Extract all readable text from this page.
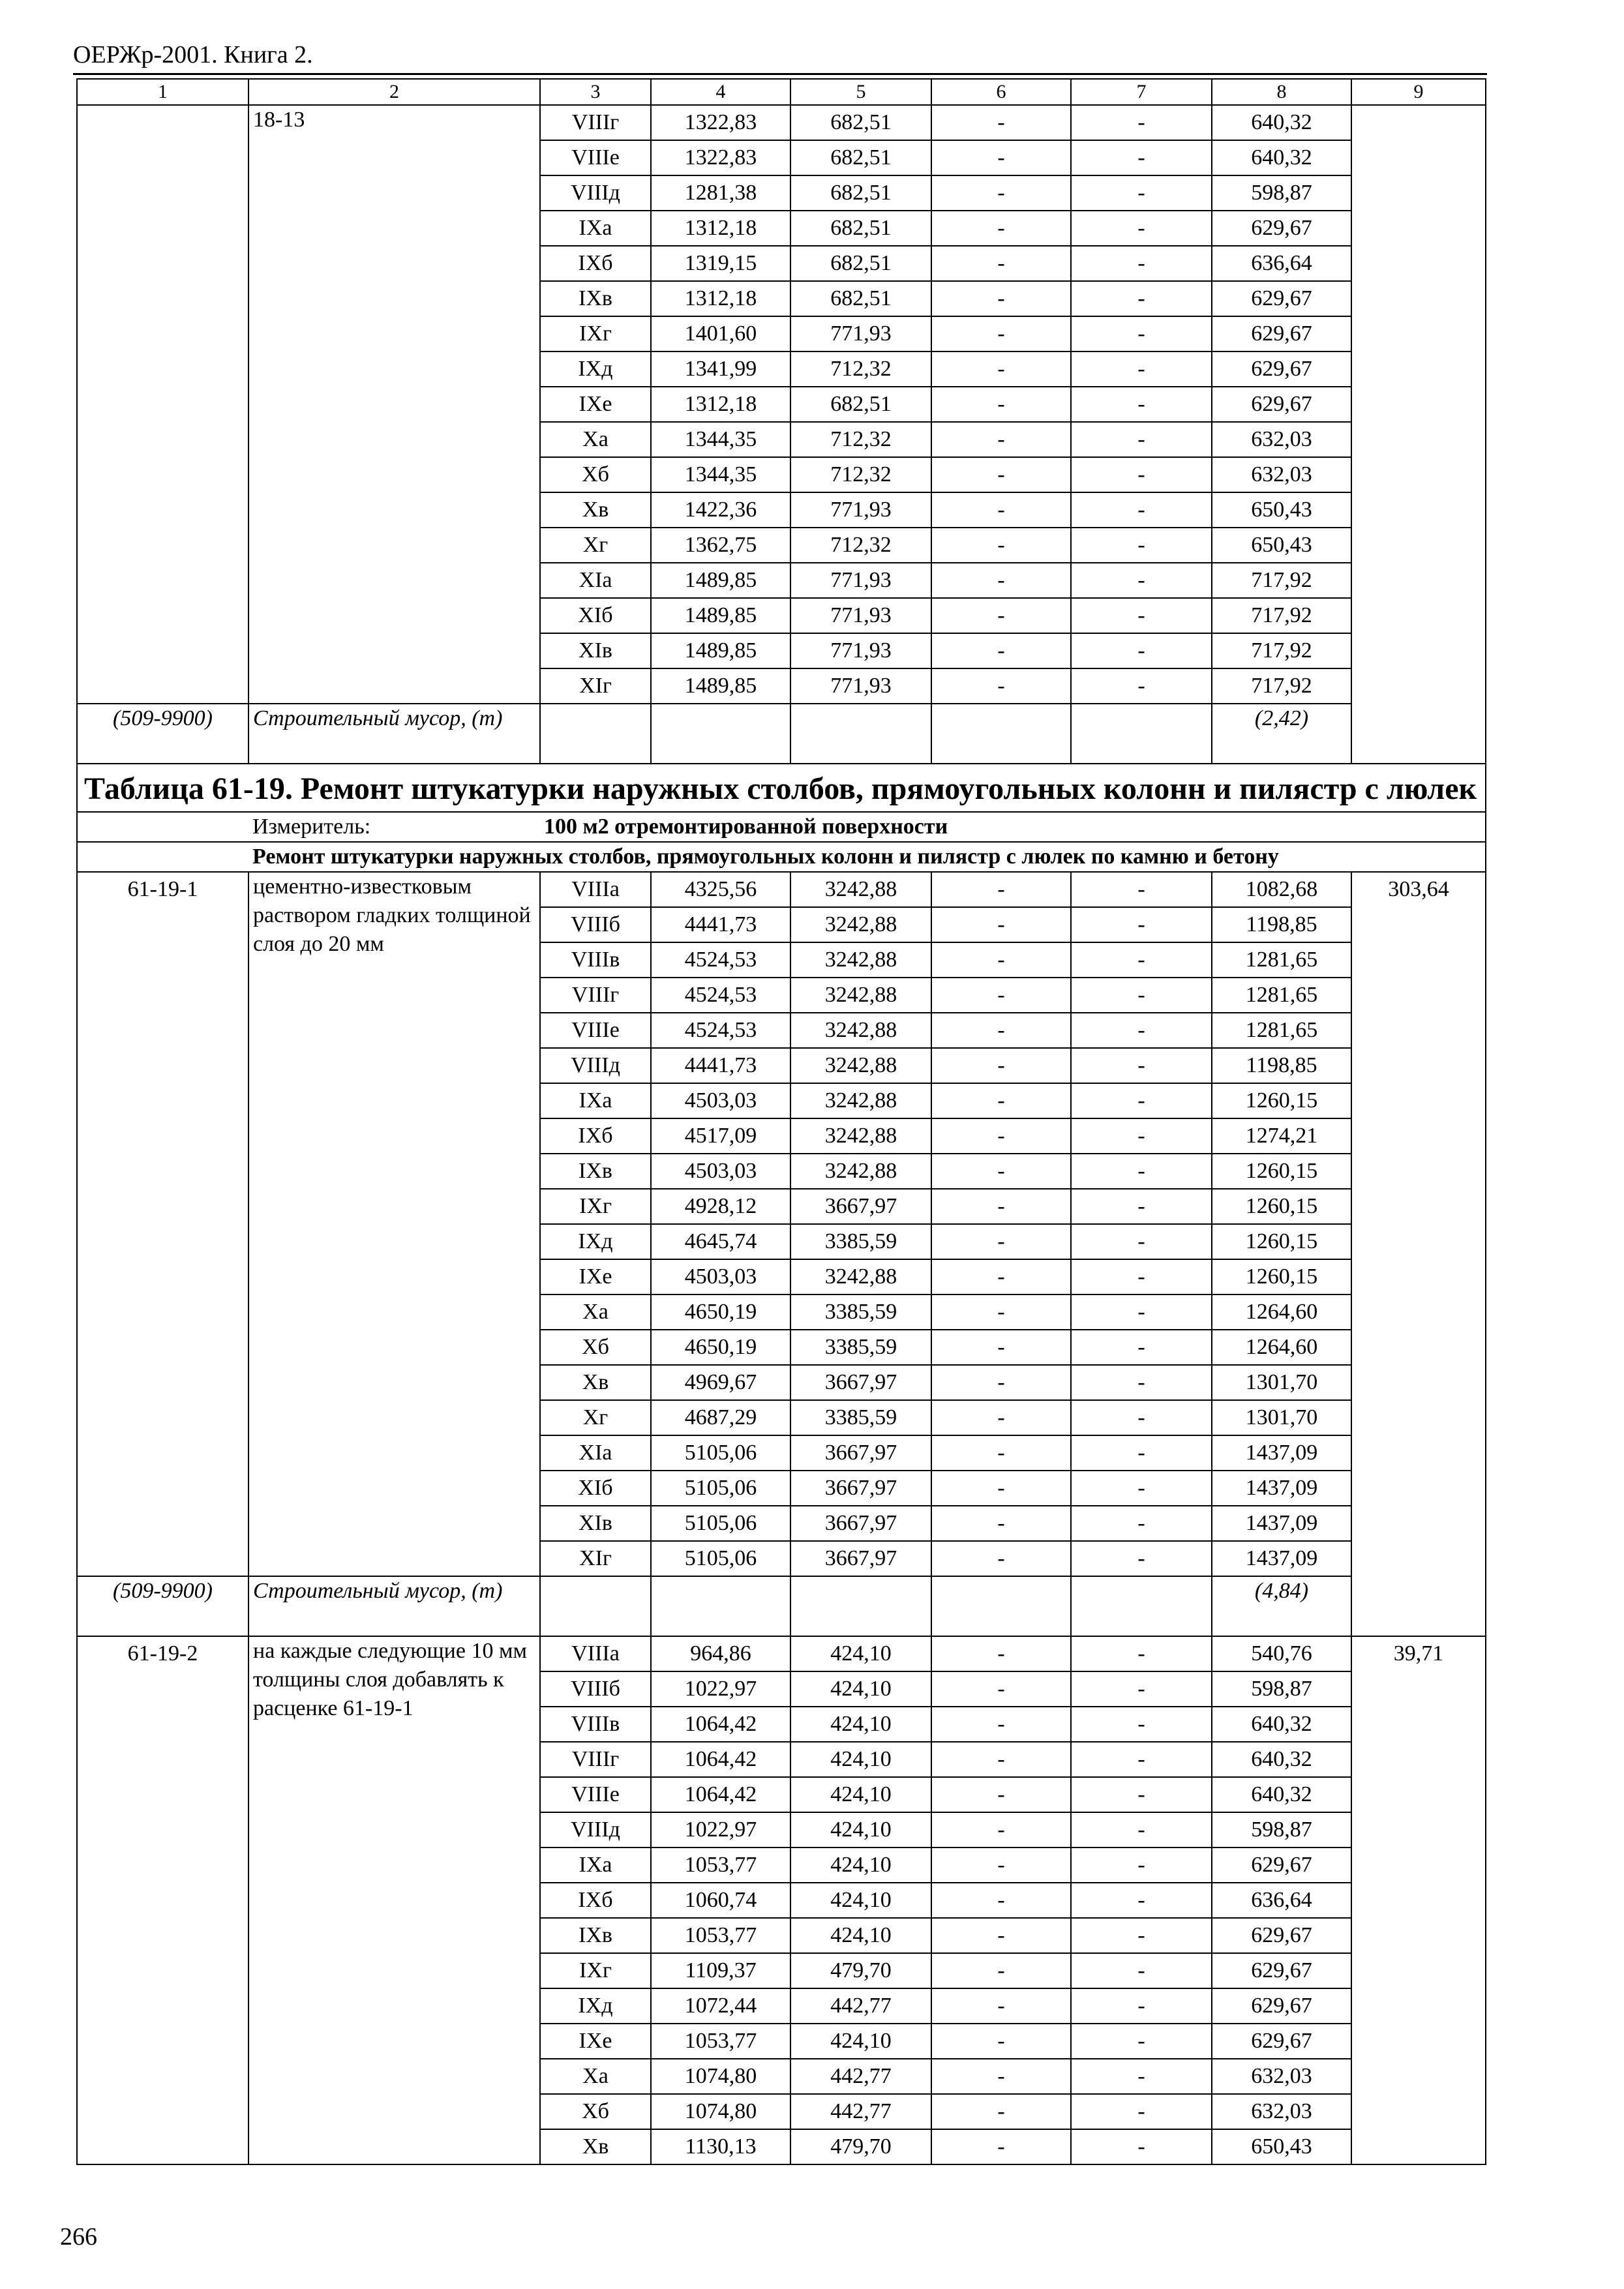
ОЕРЖр-2001. Книга 2.
1	2	3	4	5	6	7	8	9
	18-13	VIIIг	1322,83	682,51	-	-	640,32	
		VIIIе	1322,83	682,51	-	-	640,32	
		VIIIд	1281,38	682,51	-	-	598,87	
		IXа	1312,18	682,51	-	-	629,67	
		IXб	1319,15	682,51	-	-	636,64	
		IXв	1312,18	682,51	-	-	629,67	
		IXг	1401,60	771,93	-	-	629,67	
		IXд	1341,99	712,32	-	-	629,67	
		IXе	1312,18	682,51	-	-	629,67	
		Xа	1344,35	712,32	-	-	632,03	
		Xб	1344,35	712,32	-	-	632,03	
		Xв	1422,36	771,93	-	-	650,43	
		Xг	1362,75	712,32	-	-	650,43	
		XIа	1489,85	771,93	-	-	717,92	
		XIб	1489,85	771,93	-	-	717,92	
		XIв	1489,85	771,93	-	-	717,92	
		XIг	1489,85	771,93	-	-	717,92	
(509-9900)	Строительный мусор, (т)						(2,42)	
Таблица 61-19. Ремонт штукатурки наружных столбов, прямоугольных колонн и пилястр с люлек								
	Измеритель:	100 м2 отремонтированной поверхности						
	Ремонт штукатурки наружных столбов, прямоугольных колонн и пилястр с люлек по камню и бетону							
61-19-1	цементно-известковым раствором гладких толщиной слоя до 20 мм	VIIIа	4325,56	3242,88	-	-	1082,68	303,64
		VIIIб	4441,73	3242,88	-	-	1198,85	
		VIIIв	4524,53	3242,88	-	-	1281,65	
		VIIIг	4524,53	3242,88	-	-	1281,65	
		VIIIе	4524,53	3242,88	-	-	1281,65	
		VIIIд	4441,73	3242,88	-	-	1198,85	
		IXа	4503,03	3242,88	-	-	1260,15	
		IXб	4517,09	3242,88	-	-	1274,21	
		IXв	4503,03	3242,88	-	-	1260,15	
		IXг	4928,12	3667,97	-	-	1260,15	
		IXд	4645,74	3385,59	-	-	1260,15	
		IXе	4503,03	3242,88	-	-	1260,15	
		Xа	4650,19	3385,59	-	-	1264,60	
		Xб	4650,19	3385,59	-	-	1264,60	
		Xв	4969,67	3667,97	-	-	1301,70	
		Xг	4687,29	3385,59	-	-	1301,70	
		XIа	5105,06	3667,97	-	-	1437,09	
		XIб	5105,06	3667,97	-	-	1437,09	
		XIв	5105,06	3667,97	-	-	1437,09	
		XIг	5105,06	3667,97	-	-	1437,09	
(509-9900)	Строительный мусор, (т)						(4,84)	
61-19-2	на каждые следующие 10 мм толщины слоя добавлять к расценке 61-19-1	VIIIа	964,86	424,10	-	-	540,76	39,71
		VIIIб	1022,97	424,10	-	-	598,87	
		VIIIв	1064,42	424,10	-	-	640,32	
		VIIIг	1064,42	424,10	-	-	640,32	
		VIIIе	1064,42	424,10	-	-	640,32	
		VIIIд	1022,97	424,10	-	-	598,87	
		IXа	1053,77	424,10	-	-	629,67	
		IXб	1060,74	424,10	-	-	636,64	
		IXв	1053,77	424,10	-	-	629,67	
		IXг	1109,37	479,70	-	-	629,67	
		IXд	1072,44	442,77	-	-	629,67	
		IXе	1053,77	424,10	-	-	629,67	
		Xа	1074,80	442,77	-	-	632,03	
		Xб	1074,80	442,77	-	-	632,03	
		Xв	1130,13	479,70	-	-	650,43	
266
